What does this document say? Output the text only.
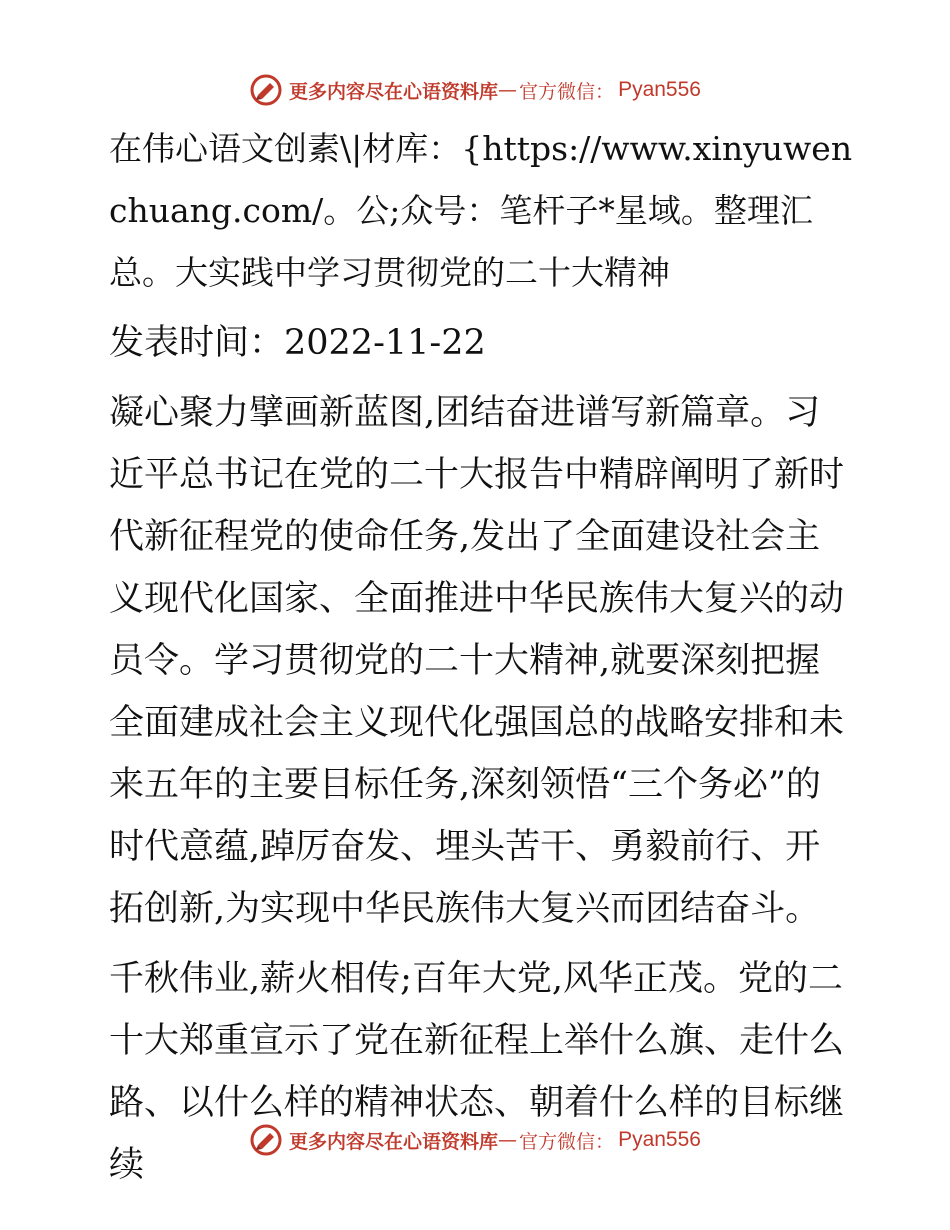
更多内容尽在心语资料库 — 官方微信： Pyan556

在伟心语文创素\|材库：{https://www.xinyuwenchuang.com/。公;众号：笔杆子*星域。整理汇总。大实践中学习贯彻党的二十大精神

发表时间：2022-11-22

凝心聚力擘画新蓝图,团结奋进谱写新篇章。习近平总书记在党的二十大报告中精辟阐明了新时代新征程党的使命任务,发出了全面建设社会主义现代化国家、全面推进中华民族伟大复兴的动员令。学习贯彻党的二十大精神,就要深刻把握全面建成社会主义现代化强国总的战略安排和未来五年的主要目标任务,深刻领悟“三个务必”的时代意蕴,踔厉奋发、埋头苦干、勇毅前行、开拓创新,为实现中华民族伟大复兴而团结奋斗。

千秋伟业,薪火相传;百年大党,风华正茂。党的二十大郑重宣示了党在新征程上举什么旗、走什么路、以什么样的精神状态、朝着什么样的目标继续

更多内容尽在心语资料库 — 官方微信： Pyan556
